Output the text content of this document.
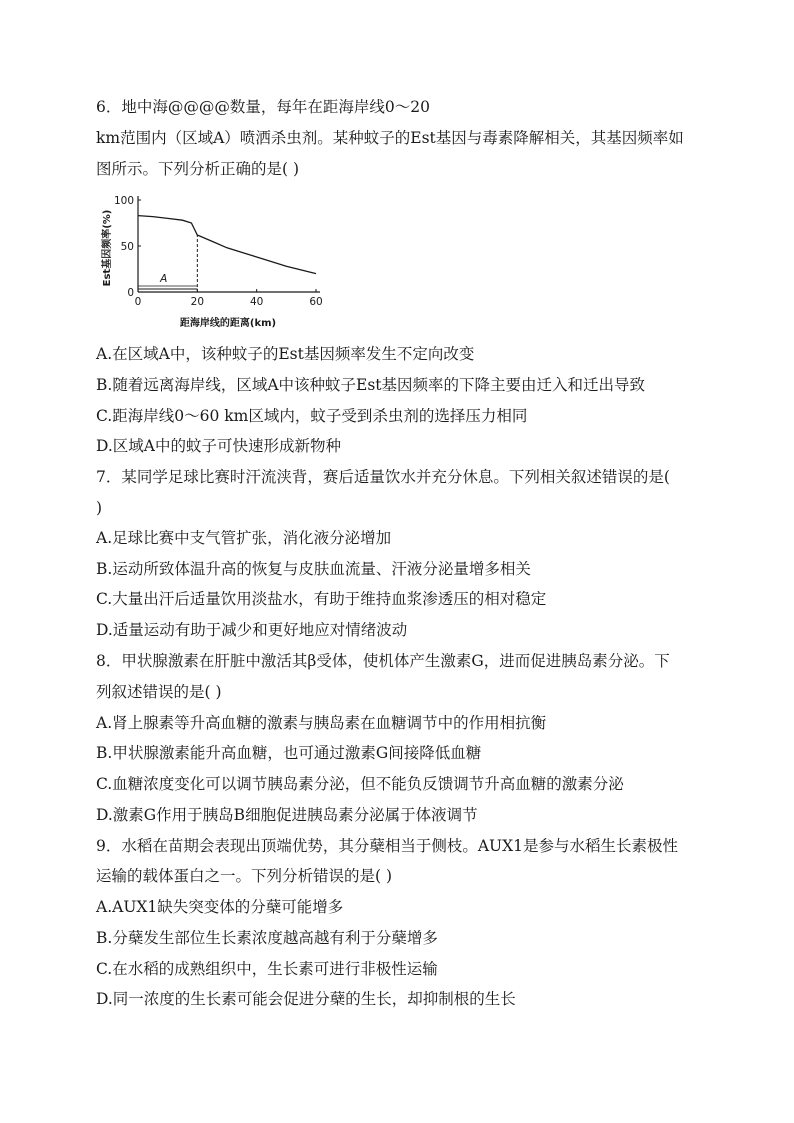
6．地中海@@@@数量，每年在距海岸线0～20
km范围内（区域A）喷洒杀虫剂。某种蚊子的Est基因与毒素降解相关，其基因频率如
图所示。下列分析正确的是( )
0	20	40	60
0
50
100
Est基因频率(%)
距海岸线的距离(km)
A
A.在区域A中，该种蚊子的Est基因频率发生不定向改变
B.随着远离海岸线，区域A中该种蚊子Est基因频率的下降主要由迁入和迁出导致
C.距海岸线0～60 km区域内，蚊子受到杀虫剂的选择压力相同
D.区域A中的蚊子可快速形成新物种
7．某同学足球比赛时汗流浃背，赛后适量饮水并充分休息。下列相关叙述错误的是(
)
A.足球比赛中支气管扩张，消化液分泌增加
B.运动所致体温升高的恢复与皮肤血流量、汗液分泌量增多相关
C.大量出汗后适量饮用淡盐水，有助于维持血浆渗透压的相对稳定
D.适量运动有助于减少和更好地应对情绪波动
8．甲状腺激素在肝脏中激活其β受体，使机体产生激素G，进而促进胰岛素分泌。下
列叙述错误的是( )
A.肾上腺素等升高血糖的激素与胰岛素在血糖调节中的作用相抗衡
B.甲状腺激素能升高血糖，也可通过激素G间接降低血糖
C.血糖浓度变化可以调节胰岛素分泌，但不能负反馈调节升高血糖的激素分泌
D.激素G作用于胰岛B细胞促进胰岛素分泌属于体液调节
9．水稻在苗期会表现出顶端优势，其分蘖相当于侧枝。AUX1是参与水稻生长素极性
运输的载体蛋白之一。下列分析错误的是( )
A.AUX1缺失突变体的分蘖可能增多
B.分蘖发生部位生长素浓度越高越有利于分蘖增多
C.在水稻的成熟组织中，生长素可进行非极性运输
D.同一浓度的生长素可能会促进分蘖的生长，却抑制根的生长
